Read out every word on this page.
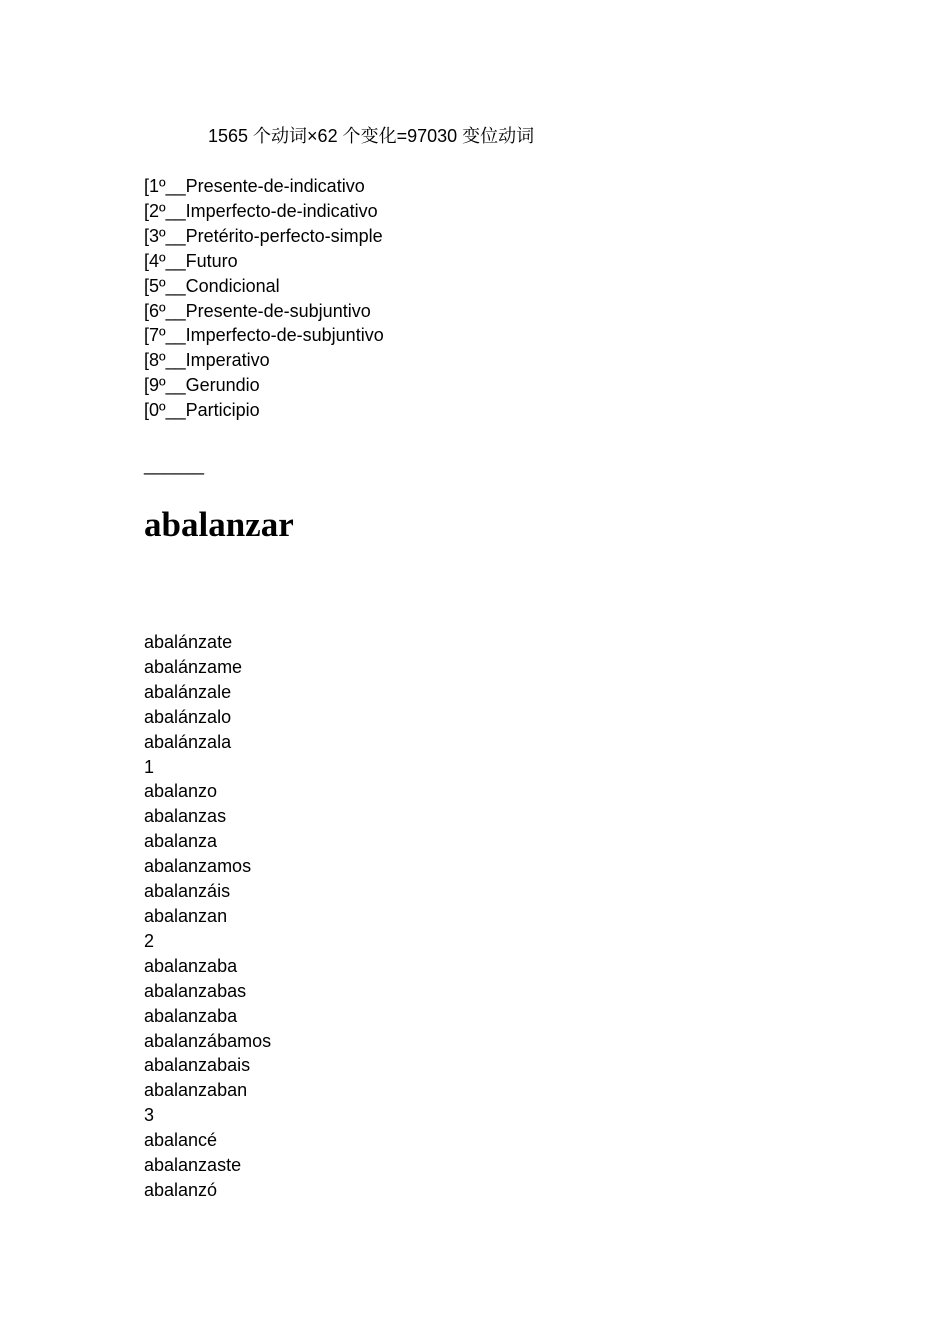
1565 个动词×62 个变化=97030 变位动词
[1º__Presente-de-indicativo
[2º__Imperfecto-de-indicativo
[3º__Pretérito-perfecto-simple
[4º__Futuro
[5º__Condicional
[6º__Presente-de-subjuntivo
[7º__Imperfecto-de-subjuntivo
[8º__Imperativo
[9º__Gerundio
[0º__Participio
______
abalanzar
abalánzate
abalánzame
abalánzale
abalánzalo
abalánzala
1
abalanzo
abalanzas
abalanza
abalanzamos
abalanzáis
abalanzan
2
abalanzaba
abalanzabas
abalanzaba
abalanzábamos
abalanzabais
abalanzaban
3
abalancé
abalanzaste
abalanzó
